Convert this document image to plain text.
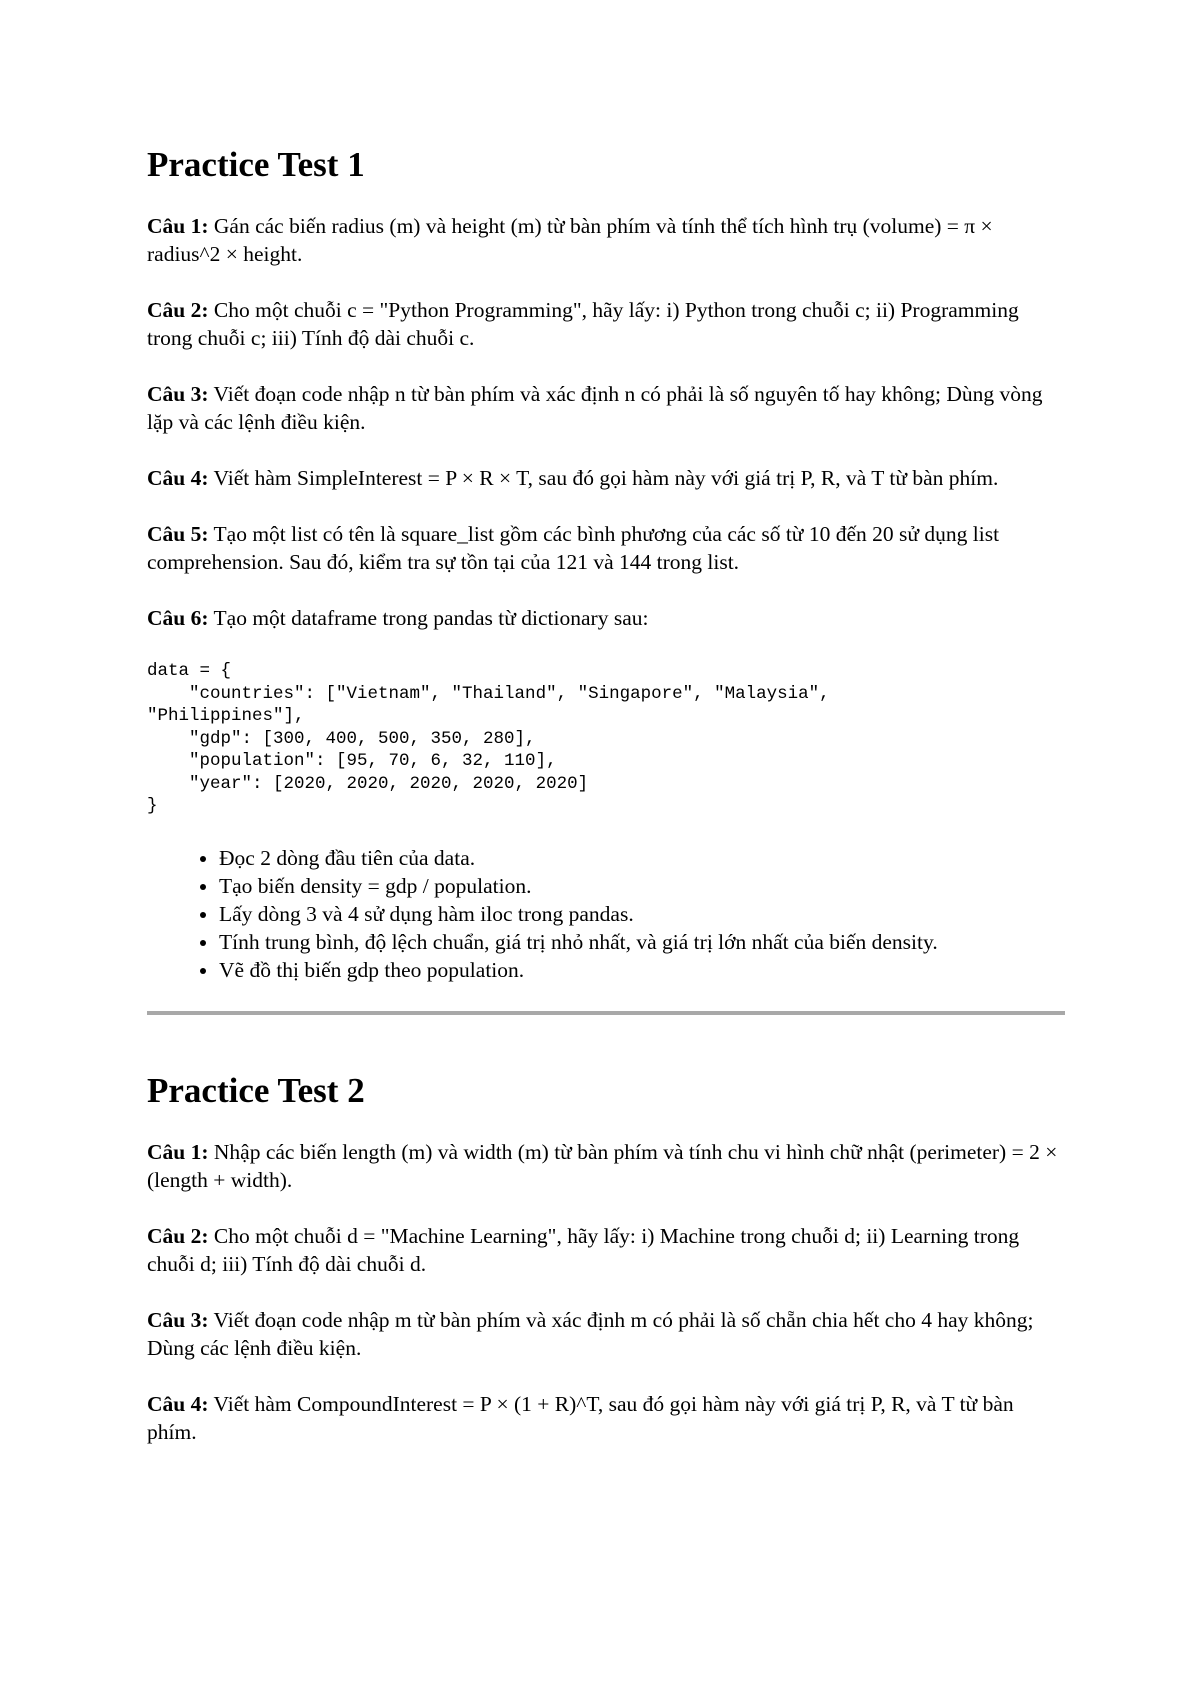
Practice Test 1

Câu 1: Gán các biến radius (m) và height (m) từ bàn phím và tính thể tích hình trụ (volume) = π × radius^2 × height.

Câu 2: Cho một chuỗi c = "Python Programming", hãy lấy: i) Python trong chuỗi c; ii) Programming trong chuỗi c; iii) Tính độ dài chuỗi c.

Câu 3: Viết đoạn code nhập n từ bàn phím và xác định n có phải là số nguyên tố hay không; Dùng vòng lặp và các lệnh điều kiện.

Câu 4: Viết hàm SimpleInterest = P × R × T, sau đó gọi hàm này với giá trị P, R, và T từ bàn phím.

Câu 5: Tạo một list có tên là square_list gồm các bình phương của các số từ 10 đến 20 sử dụng list comprehension. Sau đó, kiểm tra sự tồn tại của 121 và 144 trong list.

Câu 6: Tạo một dataframe trong pandas từ dictionary sau:

data = {
"countries": ["Vietnam", "Thailand", "Singapore", "Malaysia",
"Philippines"],
"gdp": [300, 400, 500, 350, 280],
"population": [95, 70, 6, 32, 110],
"year": [2020, 2020, 2020, 2020, 2020]
}
• Đọc 2 dòng đầu tiên của data.
• Tạo biến density = gdp / population.
• Lấy dòng 3 và 4 sử dụng hàm iloc trong pandas.
• Tính trung bình, độ lệch chuẩn, giá trị nhỏ nhất, và giá trị lớn nhất của biến density.
• Vẽ đồ thị biến gdp theo population.
Practice Test 2

Câu 1: Nhập các biến length (m) và width (m) từ bàn phím và tính chu vi hình chữ nhật (perimeter) = 2 × (length + width).

Câu 2: Cho một chuỗi d = "Machine Learning", hãy lấy: i) Machine trong chuỗi d; ii) Learning trong chuỗi d; iii) Tính độ dài chuỗi d.

Câu 3: Viết đoạn code nhập m từ bàn phím và xác định m có phải là số chẵn chia hết cho 4 hay không; Dùng các lệnh điều kiện.

Câu 4: Viết hàm CompoundInterest = P × (1 + R)^T, sau đó gọi hàm này với giá trị P, R, và T từ bàn phím.
